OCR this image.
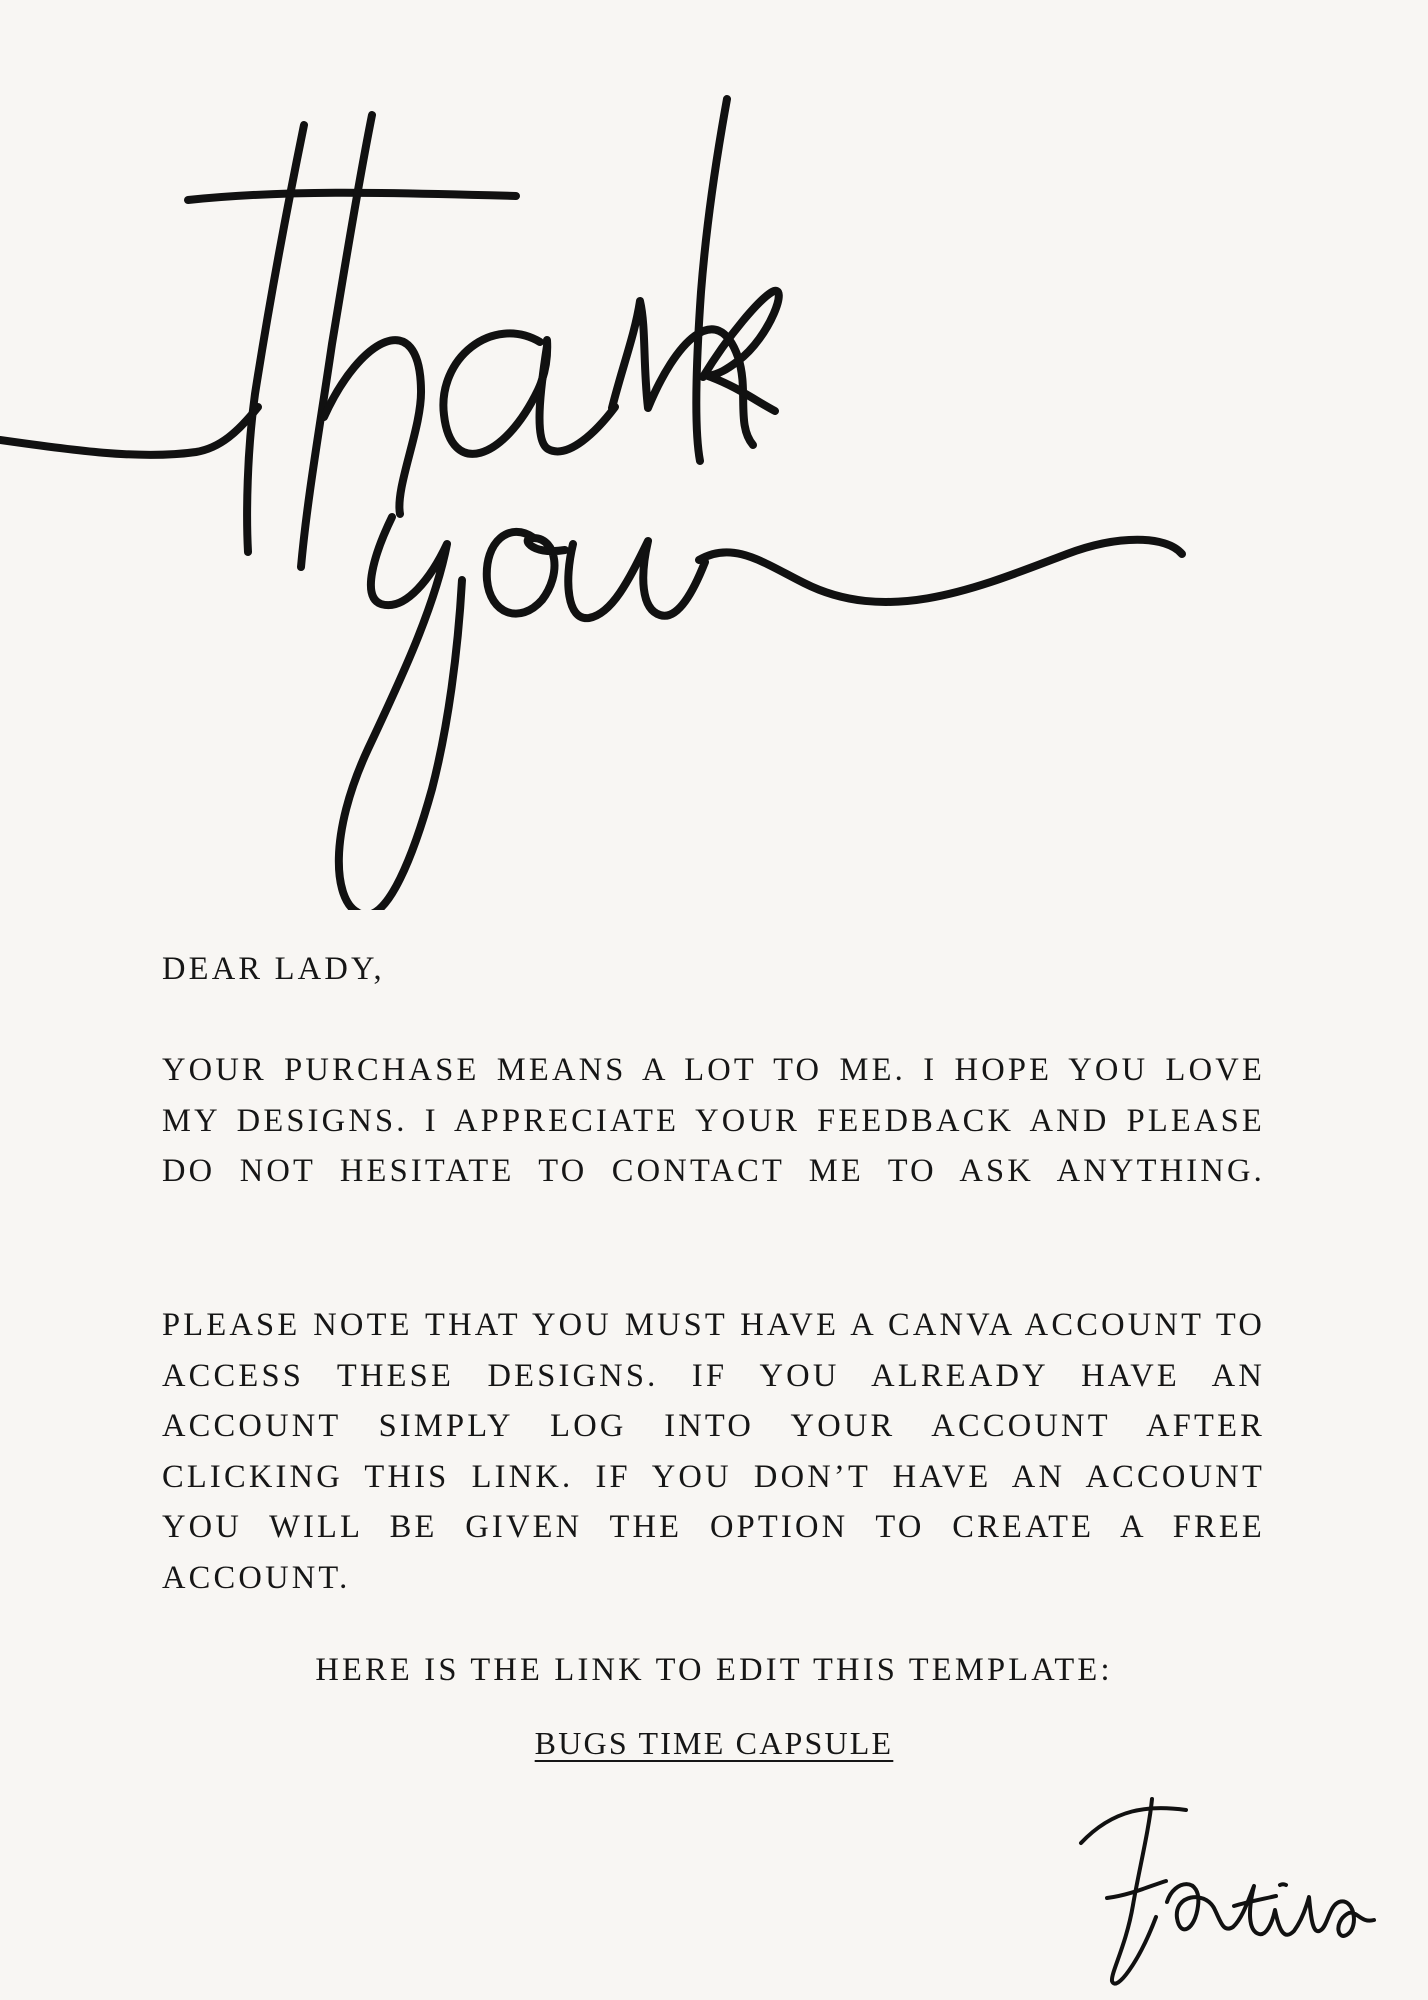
DEAR LADY,
YOUR PURCHASE MEANS A LOT TO ME. I HOPE YOU LOVE MY DESIGNS. I APPRECIATE YOUR FEEDBACK AND PLEASE DO NOT HESITATE TO CONTACT ME TO ASK ANYTHING.
PLEASE NOTE THAT YOU MUST HAVE A CANVA ACCOUNT TO ACCESS THESE DESIGNS. IF YOU ALREADY HAVE AN ACCOUNT SIMPLY LOG INTO YOUR ACCOUNT AFTER CLICKING THIS LINK. IF YOU DON’T HAVE AN ACCOUNT YOU WILL BE GIVEN THE OPTION TO CREATE A FREE ACCOUNT.
HERE IS THE LINK TO EDIT THIS TEMPLATE:
BUGS TIME CAPSULE
